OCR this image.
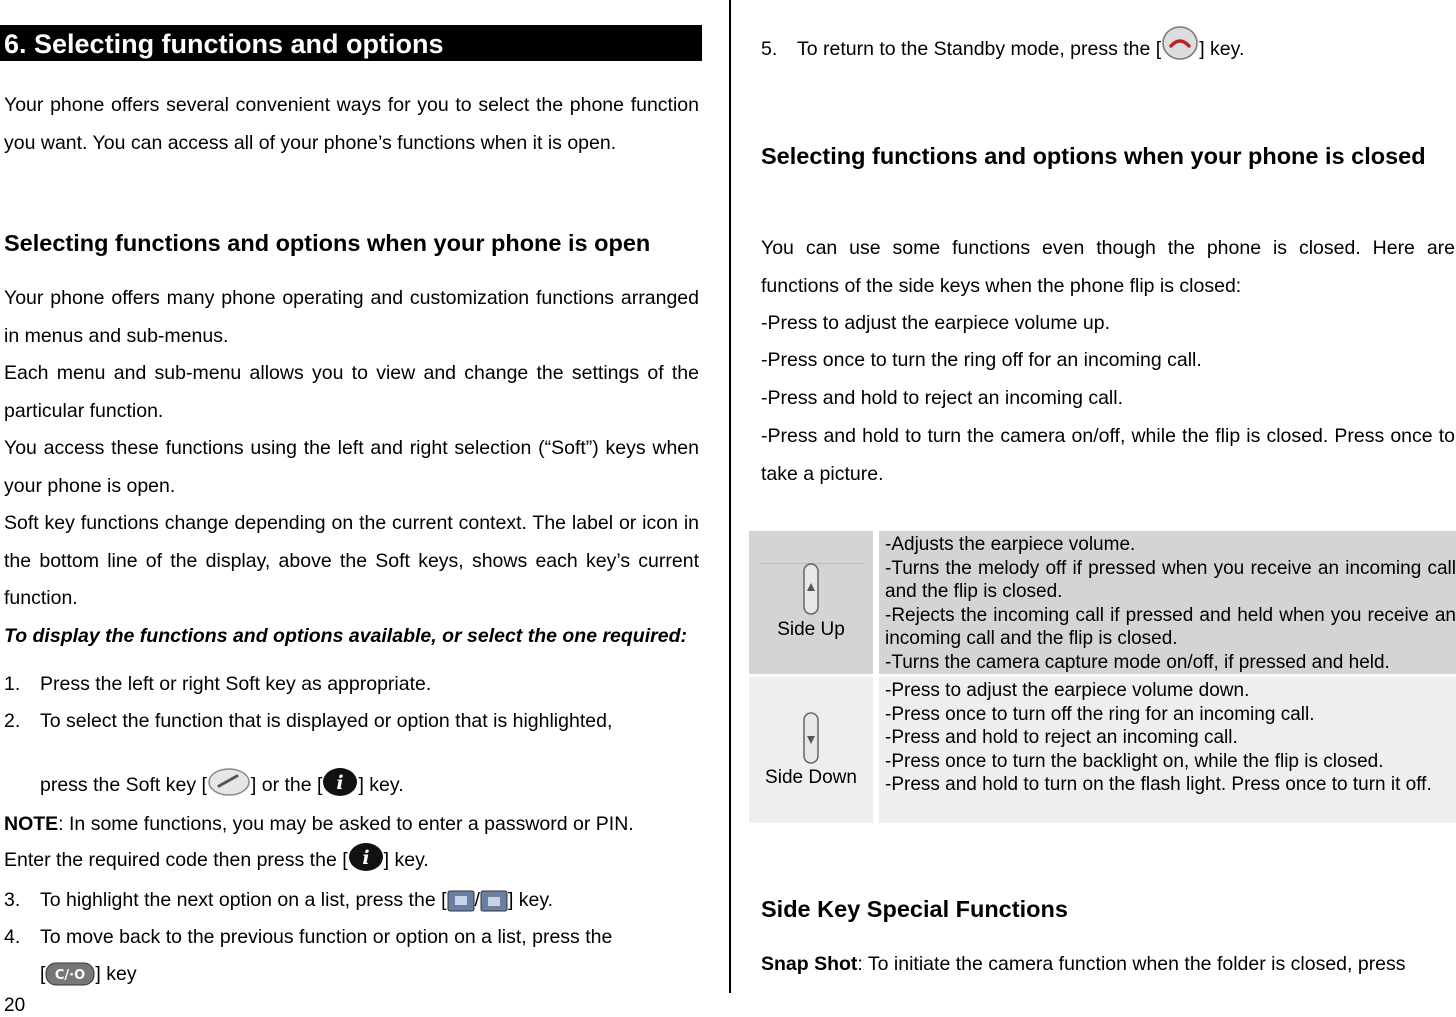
6. Selecting functions and options
Your phone offers several convenient ways for you to select the phone function you want. You can access all of your phone’s functions when it is open.
Selecting functions and options when your phone is open
Your phone offers many phone operating and customization functions arranged in menus and sub-menus.
Each menu and sub-menu allows you to view and change the settings of the particular function.
You access these functions using the left and right selection (“Soft”) keys when your phone is open.
Soft key functions change depending on the current context. The label or icon in the bottom line of the display, above the Soft keys, shows each key’s current function.
To display the functions and options available, or select the one required:
1. Press the left or right Soft key as appropriate.
2. To select the function that is displayed or option that is highlighted,
press the Soft key [ ] or the [ i ] key.
NOTE: In some functions, you may be asked to enter a password or PIN.
Enter the required code then press the [ i ] key.
3. To highlight the next option on a list, press the [ / ] key.
4. To move back to the previous function or option on a list, press the
[ C/·O ] key
20
5. To return to the Standby mode, press the [ ] key.
Selecting functions and options when your phone is closed
You can use some functions even though the phone is closed. Here are functions of the side keys when the phone flip is closed:
-Press to adjust the earpiece volume up.
-Press once to turn the ring off for an incoming call.
-Press and hold to reject an incoming call.
-Press and hold to turn the camera on/off, while the flip is closed. Press once to take a picture.
Side Up
-Adjusts the earpiece volume.
-Turns the melody off if pressed when you receive an incoming call and the flip is closed.
-Rejects the incoming call if pressed and held when you receive an incoming call and the flip is closed.
-Turns the camera capture mode on/off, if pressed and held.
Side Down
-Press to adjust the earpiece volume down.
-Press once to turn off the ring for an incoming call.
-Press and hold to reject an incoming call.
-Press once to turn the backlight on, while the flip is closed.
-Press and hold to turn on the flash light. Press once to turn it off.
Side Key Special Functions
Snap Shot: To initiate the camera function when the folder is closed, press
